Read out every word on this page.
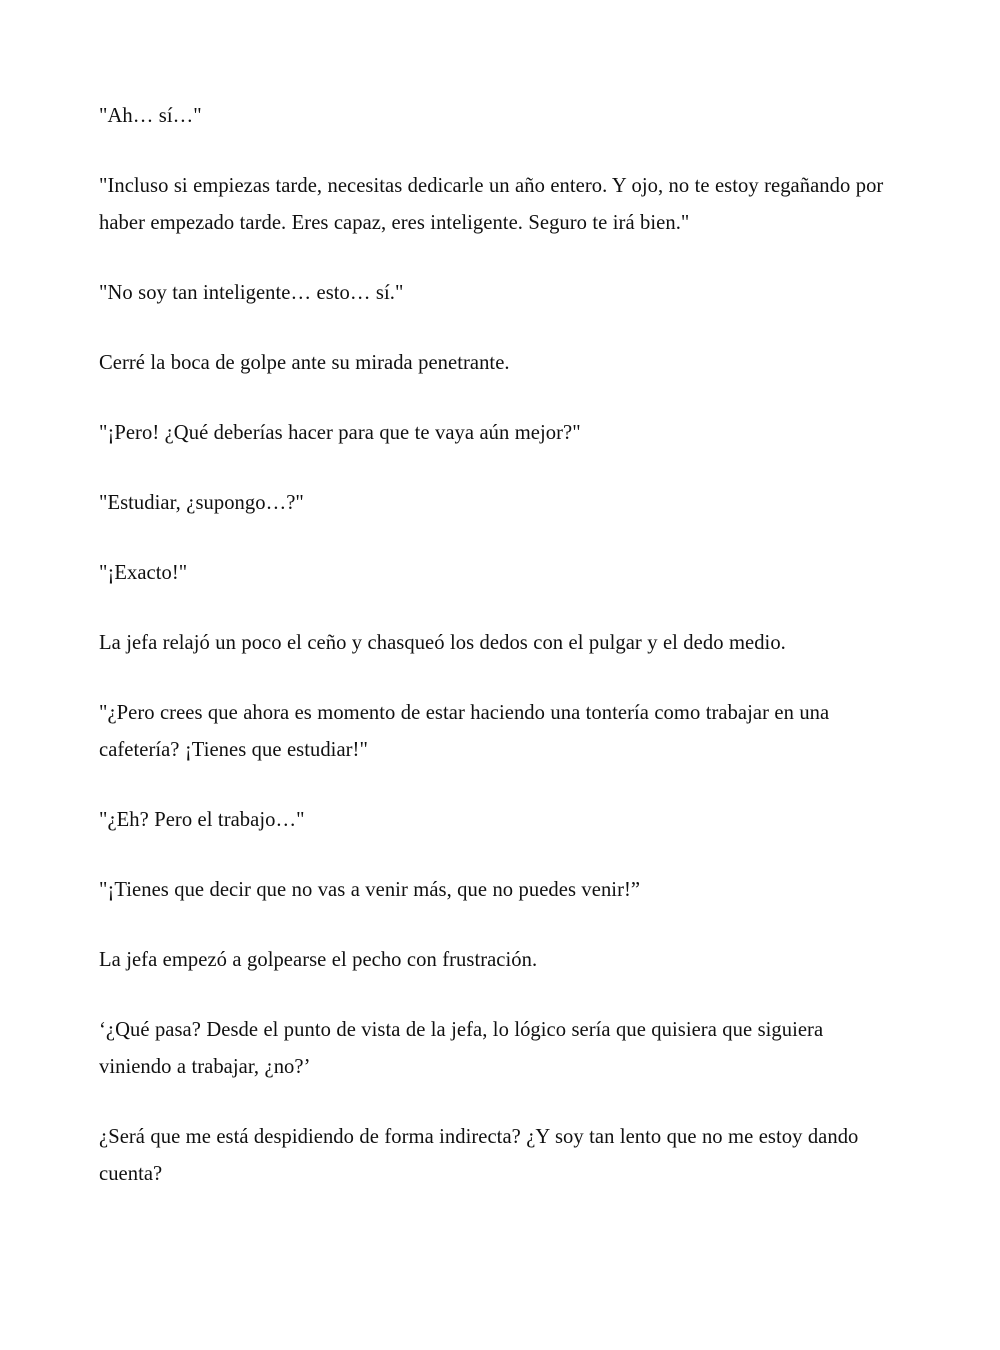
"Ah… sí…"

"Incluso si empiezas tarde, necesitas dedicarle un año entero. Y ojo, no te estoy regañando por haber empezado tarde. Eres capaz, eres inteligente. Seguro te irá bien."

"No soy tan inteligente… esto… sí."

Cerré la boca de golpe ante su mirada penetrante.

"¡Pero! ¿Qué deberías hacer para que te vaya aún mejor?"

"Estudiar, ¿supongo…?"

"¡Exacto!"

La jefa relajó un poco el ceño y chasqueó los dedos con el pulgar y el dedo medio.

"¿Pero crees que ahora es momento de estar haciendo una tontería como trabajar en una cafetería? ¡Tienes que estudiar!"

"¿Eh? Pero el trabajo…"

"¡Tienes que decir que no vas a venir más, que no puedes venir!”

La jefa empezó a golpearse el pecho con frustración.

‘¿Qué pasa? Desde el punto de vista de la jefa, lo lógico sería que quisiera que siguiera viniendo a trabajar, ¿no?’

¿Será que me está despidiendo de forma indirecta? ¿Y soy tan lento que no me estoy dando cuenta?
